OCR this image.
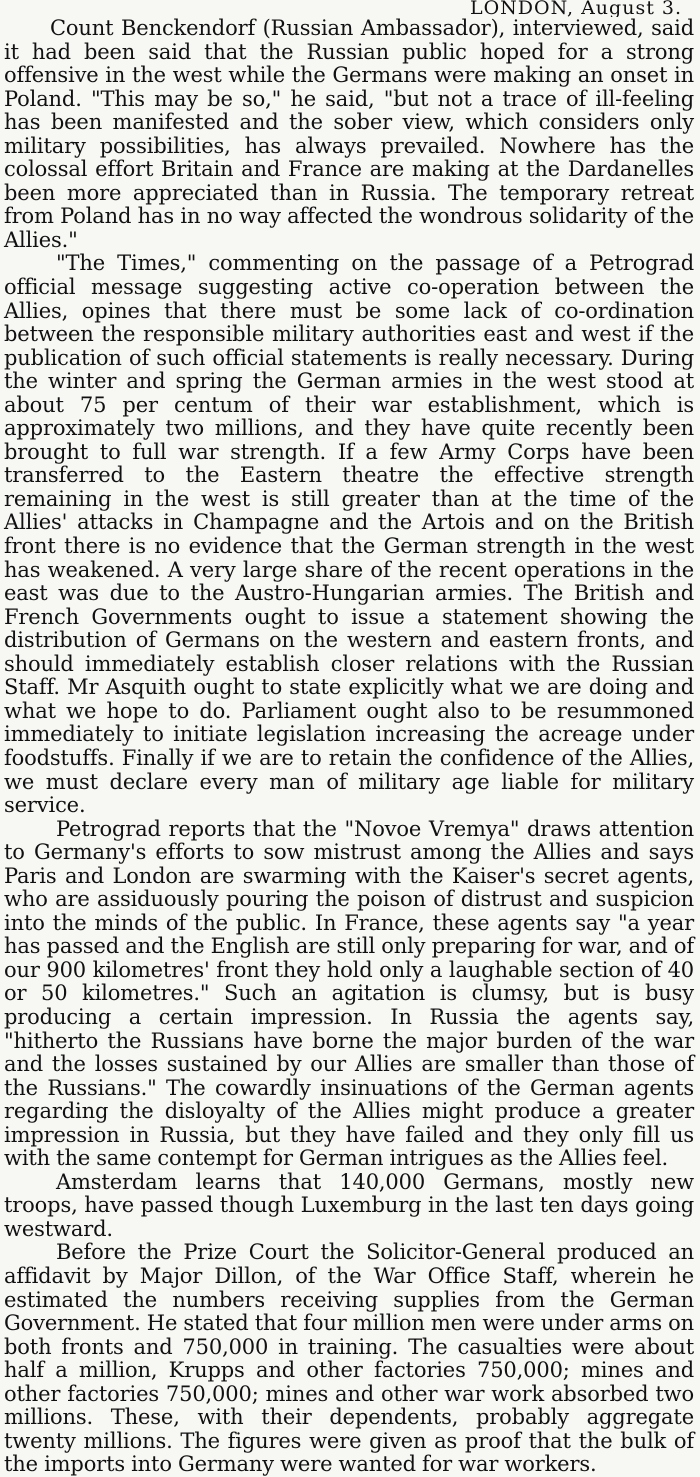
LONDON, August 3.

Count Benckendorf (Russian Ambassador), interviewed, said it had been said that the Russian public hoped for a strong offensive in the west while the Germans were making an onset in Poland. "This may be so," he said, "but not a trace of ill-feeling has been manifested and the sober view, which considers only military possibilities, has always prevailed. Nowhere has the colossal effort Britain and France are making at the Dardanelles been more appreciated than in Russia. The temporary retreat from Poland has in no way affected the wondrous solidarity of the Allies."

"The Times," commenting on the passage of a Petrograd official message suggesting active co-operation between the Allies, opines that there must be some lack of co-ordination between the responsible military authorities east and west if the publication of such official statements is really necessary. During the winter and spring the German armies in the west stood at about 75 per centum of their war establishment, which is approximately two millions, and they have quite recently been brought to full war strength. If a few Army Corps have been transferred to the Eastern theatre the effective strength remaining in the west is still greater than at the time of the Allies' attacks in Champagne and the Artois and on the British front there is no evidence that the German strength in the west has weakened. A very large share of the recent operations in the east was due to the Austro-Hungarian armies. The British and French Governments ought to issue a statement showing the distribution of Germans on the western and eastern fronts, and should immediately establish closer relations with the Russian Staff. Mr Asquith ought to state explicitly what we are doing and what we hope to do. Parliament ought also to be resummoned immediately to initiate legislation increasing the acreage under foodstuffs. Finally if we are to retain the confidence of the Allies, we must declare every man of military age liable for military service.

Petrograd reports that the "Novoe Vremya" draws attention to Germany's efforts to sow mistrust among the Allies and says Paris and London are swarming with the Kaiser's secret agents, who are assiduously pouring the poison of distrust and suspicion into the minds of the public. In France, these agents say "a year has passed and the English are still only preparing for war, and of our 900 kilometres' front they hold only a laughable section of 40 or 50 kilometres." Such an agitation is clumsy, but is busy producing a certain impression. In Russia the agents say, "hitherto the Russians have borne the major burden of the war and the losses sustained by our Allies are smaller than those of the Russians." The cowardly insinuations of the German agents regarding the disloyalty of the Allies might produce a greater impression in Russia, but they have failed and they only fill us with the same contempt for German intrigues as the Allies feel.

Amsterdam learns that 140,000 Germans, mostly new troops, have passed though Luxemburg in the last ten days going westward.

Before the Prize Court the Solicitor-General produced an affidavit by Major Dillon, of the War Office Staff, wherein he estimated the numbers receiving supplies from the German Government. He stated that four million men were under arms on both fronts and 750,000 in training. The casualties were about half a million, Krupps and other factories 750,000; mines and other factories 750,000; mines and other war work absorbed two millions. These, with their dependents, probably aggregate twenty millions. The figures were given as proof that the bulk of the imports into Germany were wanted for war workers.
